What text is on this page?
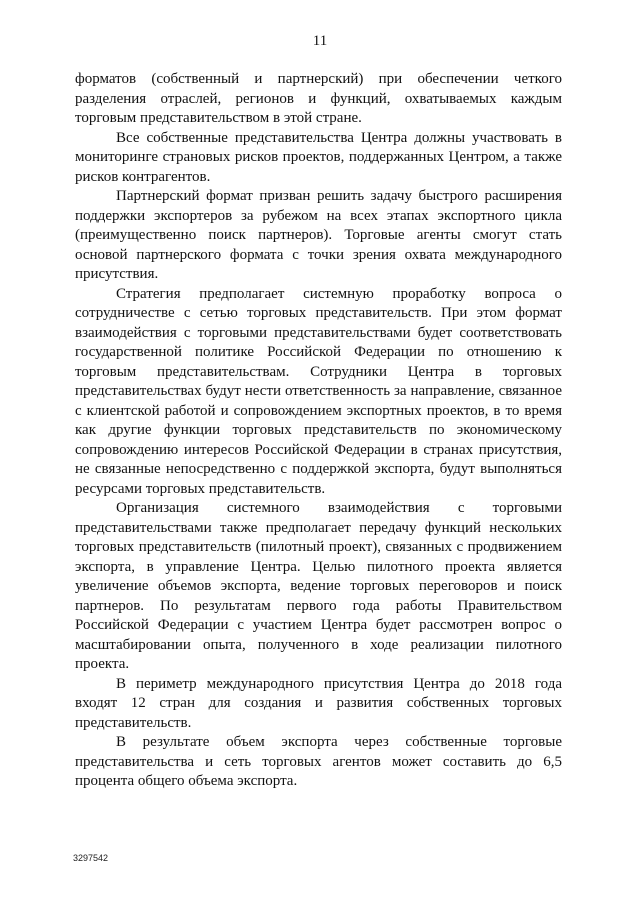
11

форматов (собственный и партнерский) при обеспечении четкого разделения отраслей, регионов и функций, охватываемых каждым торговым представительством в этой стране.

Все собственные представительства Центра должны участвовать в мониторинге страновых рисков проектов, поддержанных Центром, а также рисков контрагентов.

Партнерский формат призван решить задачу быстрого расширения поддержки экспортеров за рубежом на всех этапах экспортного цикла (преимущественно поиск партнеров). Торговые агенты смогут стать основой партнерского формата с точки зрения охвата международного присутствия.

Стратегия предполагает системную проработку вопроса о сотрудничестве с сетью торговых представительств. При этом формат взаимодействия с торговыми представительствами будет соответствовать государственной политике Российской Федерации по отношению к торговым представительствам. Сотрудники Центра в торговых представительствах будут нести ответственность за направление, связанное с клиентской работой и сопровождением экспортных проектов, в то время как другие функции торговых представительств по экономическому сопровождению интересов Российской Федерации в странах присутствия, не связанные непосредственно с поддержкой экспорта, будут выполняться ресурсами торговых представительств.

Организация системного взаимодействия с торговыми представительствами также предполагает передачу функций нескольких торговых представительств (пилотный проект), связанных с продвижением экспорта, в управление Центра. Целью пилотного проекта является увеличение объемов экспорта, ведение торговых переговоров и поиск партнеров. По результатам первого года работы Правительством Российской Федерации с участием Центра будет рассмотрен вопрос о масштабировании опыта, полученного в ходе реализации пилотного проекта.

В периметр международного присутствия Центра до 2018 года входят 12 стран для создания и развития собственных торговых представительств.

В результате объем экспорта через собственные торговые представительства и сеть торговых агентов может составить до 6,5 процента общего объема экспорта.

3297542
